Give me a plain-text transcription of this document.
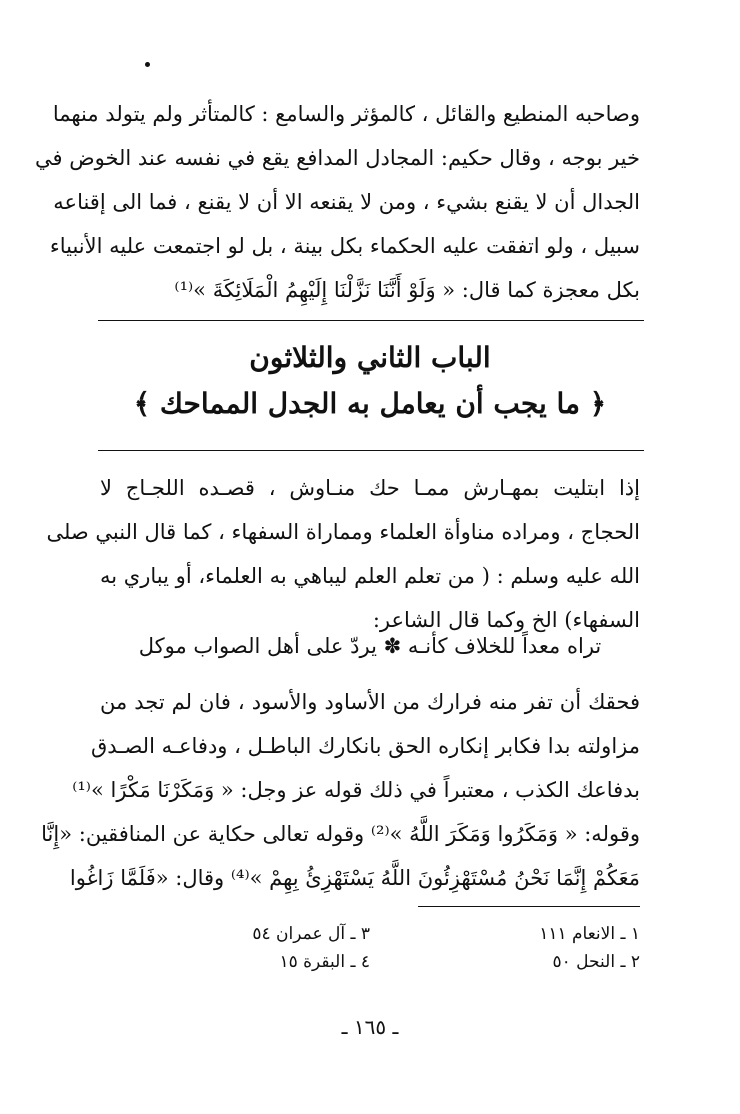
وصاحبه المنطيع والقائل ، كالمؤثر والسامع : كالمتأثر ولم يتولد منهما
خير بوجه ، وقال حكيم: المجادل المدافع يقع في نفسه عند الخوض في
الجدال أن لا يقنع بشيء ، ومن لا يقنعه الا أن لا يقنع ، فما الى إقناعه
سبيل ، ولو اتفقت عليه الحكماء بكل بينة ، بل لو اجتمعت عليه الأنبياء
بكل معجزة كما قال: « وَلَوْ أَنَّنَا نَزَّلْنَا إِلَيْهِمُ الْمَلَائِكَةَ »⁽¹⁾
الباب الثاني والثلاثون
﴿ ما يجب أن يعامل به الجدل المماحك ﴾
إذا ابتليت بمهـارش ممـا حك منـاوش ، قصـده اللجـاج لا
الحجاج ، ومراده مناوأة العلماء ومماراة السفهاء ، كما قال النبي صلى
الله عليه وسلم : ( من تعلم العلم ليباهي به العلماء، أو يباري به
السفهاء) الخ وكما قال الشاعر:
تراه معداً للخلاف كأنـه ✽ يردّ على أهل الصواب موكل
فحقك أن تفر منه فرارك من الأساود والأسود ، فان لم تجد من
مزاولته بدا فكابر إنكاره الحق بانكارك الباطـل ، ودفاعـه الصـدق
بدفاعك الكذب ، معتبراً في ذلك قوله عز وجل: « وَمَكَرْنَا مَكْرًا »⁽¹⁾
وقوله: « وَمَكَرُوا وَمَكَرَ اللَّهُ »⁽²⁾ وقوله تعالى حكاية عن المنافقين: «إِنَّا
مَعَكُمْ إِنَّمَا نَحْنُ مُسْتَهْزِئُونَ اللَّهُ يَسْتَهْزِئُ بِهِمْ »⁽⁴⁾ وقال: «فَلَمَّا زَاغُوا
١ ـ الانعام ١١١
٣ ـ آل عمران ٥٤
٢ ـ النحل ٥٠
٤ ـ البقرة ١٥
ـ ١٦٥ ـ
